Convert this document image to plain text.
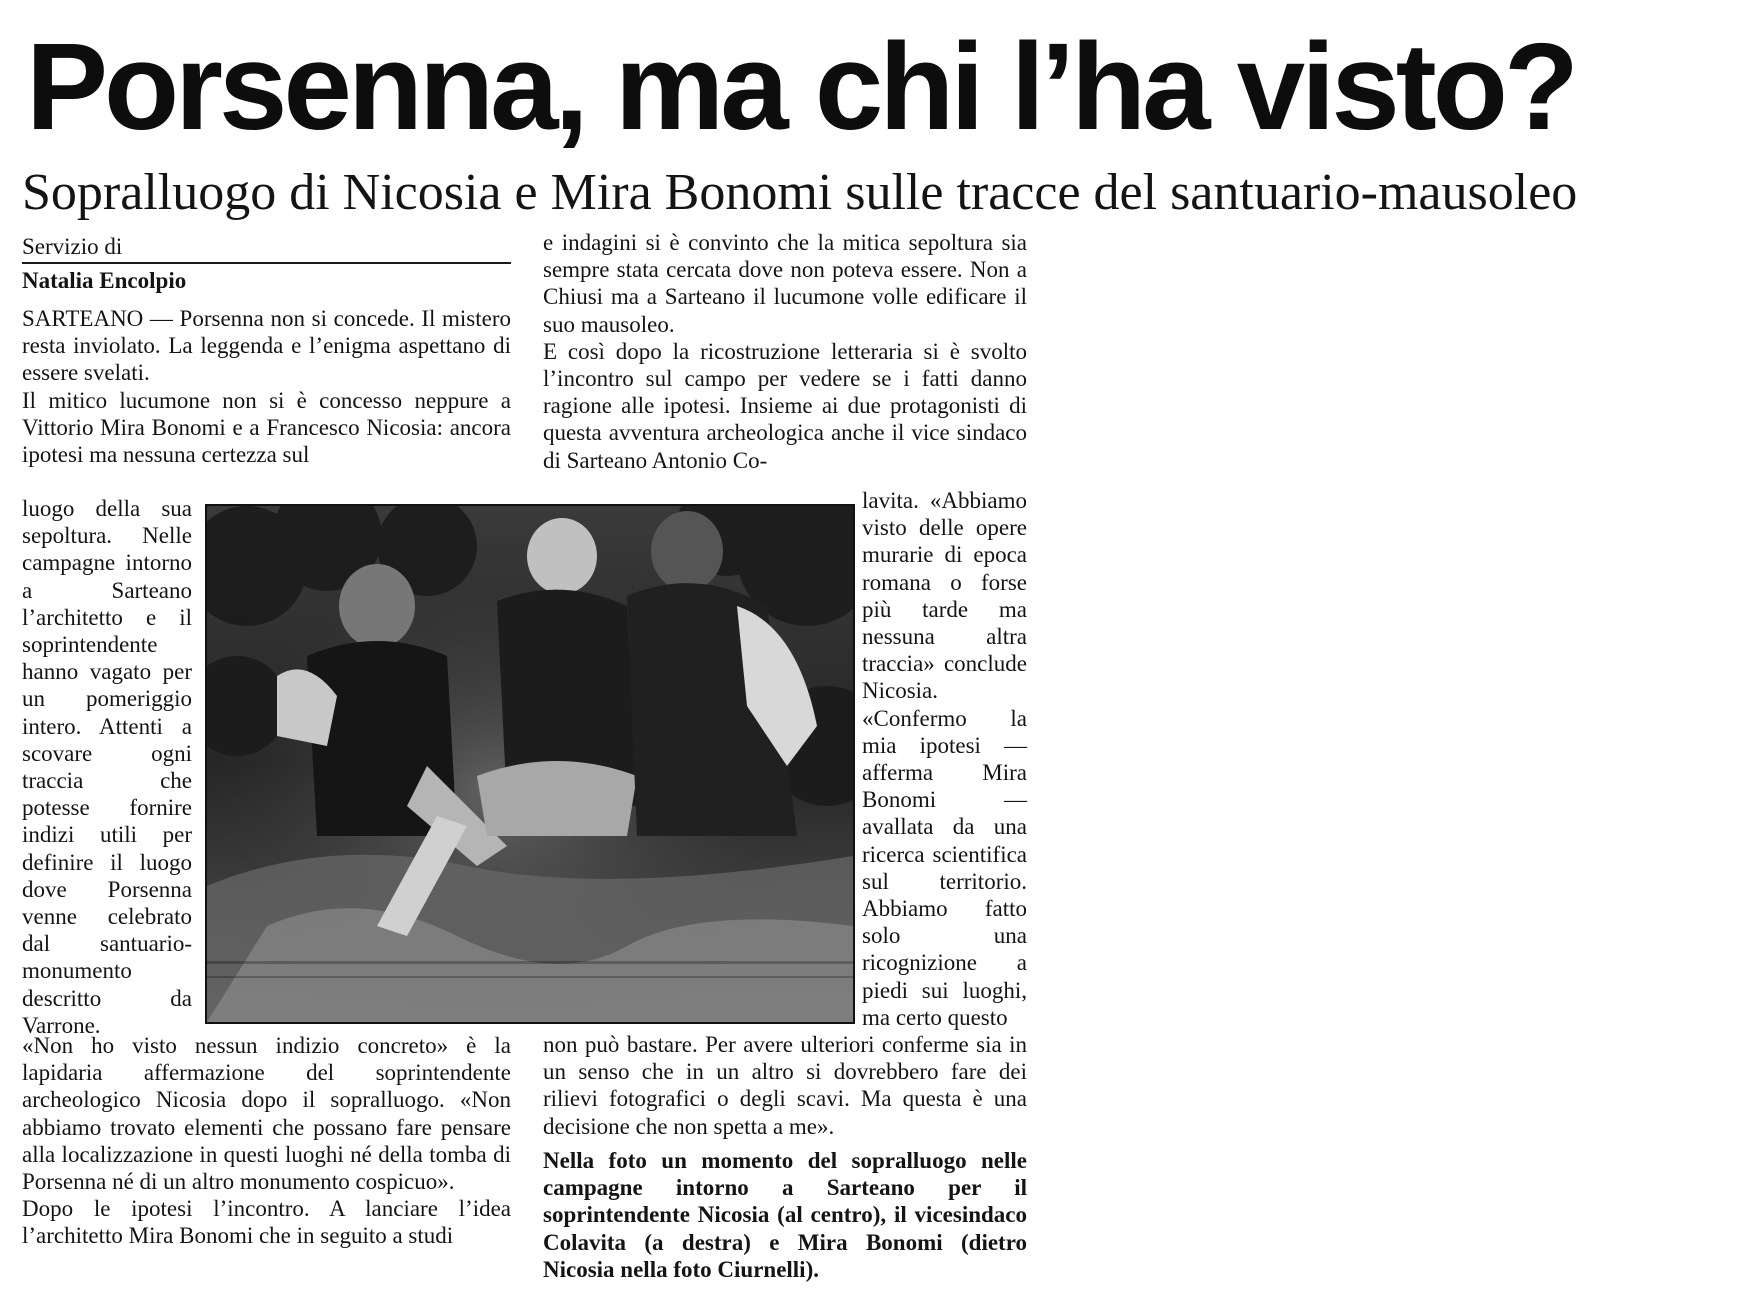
Porsenna, ma chi l’ha visto?
Sopralluogo di Nicosia e Mira Bonomi sulle tracce del santuario-mausoleo
Servizio di
Natalia Encolpio

SARTEANO — Porsenna non si concede. Il mistero resta inviolato. La leggenda e l’enigma aspettano di essere svelati.

Il mitico lucumone non si è concesso neppure a Vittorio Mira Bonomi e a Francesco Nicosia: ancora ipotesi ma nessuna certezza sul

luogo della sua sepoltura. Nelle campagne intorno a Sarteano l’architetto e il soprintendente hanno vagato per un pomeriggio intero. Attenti a scovare ogni traccia che potesse fornire indizi utili per definire il luogo dove Porsenna venne celebrato dal santuario-monumento descritto da Varrone.

«Non ho visto nessun indizio concreto» è la lapidaria affermazione del soprintendente archeologico Nicosia dopo il sopralluogo. «Non abbiamo trovato elementi che possano fare pensare alla localizzazione in questi luoghi né della tomba di Porsenna né di un altro monumento cospicuo».

Dopo le ipotesi l’incontro. A lanciare l’idea l’architetto Mira Bonomi che in seguito a studi

e indagini si è convinto che la mitica sepoltura sia sempre stata cercata dove non poteva essere. Non a Chiusi ma a Sarteano il lucumone volle edificare il suo mausoleo.

E così dopo la ricostruzione letteraria si è svolto l’incontro sul campo per vedere se i fatti danno ragione alle ipotesi. Insieme ai due protagonisti di questa avventura archeologica anche il vice sindaco di Sarteano Antonio Co-

lavita. «Abbiamo visto delle opere murarie di epoca romana o forse più tarde ma nessuna altra traccia» conclude Nicosia. «Confermo la mia ipotesi — afferma Mira Bonomi — avallata da una ricerca scientifica sul territorio. Abbiamo fatto solo una ricognizione a piedi sui luoghi, ma certo questo

non può bastare. Per avere ulteriori conferme sia in un senso che in un altro si dovrebbero fare dei rilievi fotografici o degli scavi. Ma questa è una decisione che non spetta a me».

Nella foto un momento del sopralluogo nelle campagne intorno a Sarteano per il soprintendente Nicosia (al centro), il vicesindaco Colavita (a destra) e Mira Bonomi (dietro Nicosia nella foto Ciurnelli).
